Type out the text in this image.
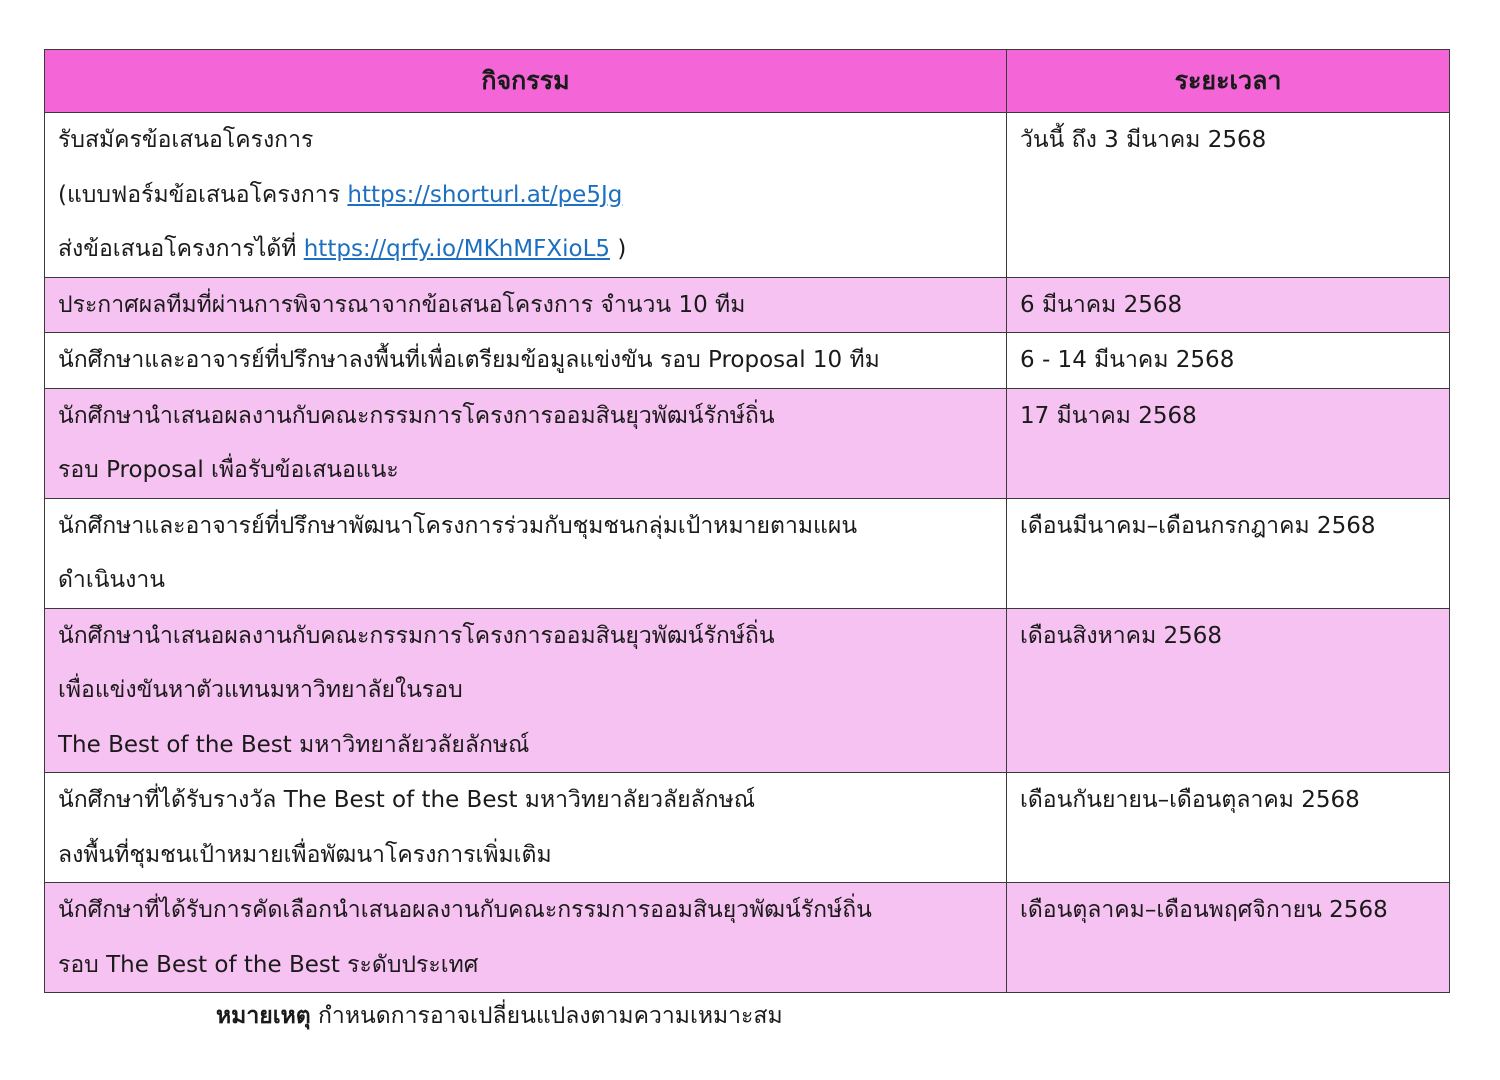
กิจกรรม	ระยะเวลา

รับสมัครข้อเสนอโครงการ
(แบบฟอร์มข้อเสนอโครงการ https://shorturl.at/pe5Jg
ส่งข้อเสนอโครงการได้ที่ https://qrfy.io/MKhMFXioL5 )	วันนี้ ถึง 3 มีนาคม 2568

ประกาศผลทีมที่ผ่านการพิจารณาจากข้อเสนอโครงการ จำนวน 10 ทีม	6 มีนาคม 2568

นักศึกษาและอาจารย์ที่ปรึกษาลงพื้นที่เพื่อเตรียมข้อมูลแข่งขัน รอบ Proposal 10 ทีม	6 - 14 มีนาคม 2568

นักศึกษานำเสนอผลงานกับคณะกรรมการโครงการออมสินยุวพัฒน์รักษ์ถิ่น
รอบ Proposal เพื่อรับข้อเสนอแนะ	17 มีนาคม 2568

นักศึกษาและอาจารย์ที่ปรึกษาพัฒนาโครงการร่วมกับชุมชนกลุ่มเป้าหมายตามแผน
ดำเนินงาน	เดือนมีนาคม–เดือนกรกฎาคม 2568

นักศึกษานำเสนอผลงานกับคณะกรรมการโครงการออมสินยุวพัฒน์รักษ์ถิ่น
เพื่อแข่งขันหาตัวแทนมหาวิทยาลัยในรอบ
The Best of the Best มหาวิทยาลัยวลัยลักษณ์	เดือนสิงหาคม 2568

นักศึกษาที่ได้รับรางวัล The Best of the Best มหาวิทยาลัยวลัยลักษณ์
ลงพื้นที่ชุมชนเป้าหมายเพื่อพัฒนาโครงการเพิ่มเติม	เดือนกันยายน–เดือนตุลาคม 2568

นักศึกษาที่ได้รับการคัดเลือกนำเสนอผลงานกับคณะกรรมการออมสินยุวพัฒน์รักษ์ถิ่น
รอบ The Best of the Best ระดับประเทศ	เดือนตุลาคม–เดือนพฤศจิกายน 2568
หมายเหตุ กำหนดการอาจเปลี่ยนแปลงตามความเหมาะสม
